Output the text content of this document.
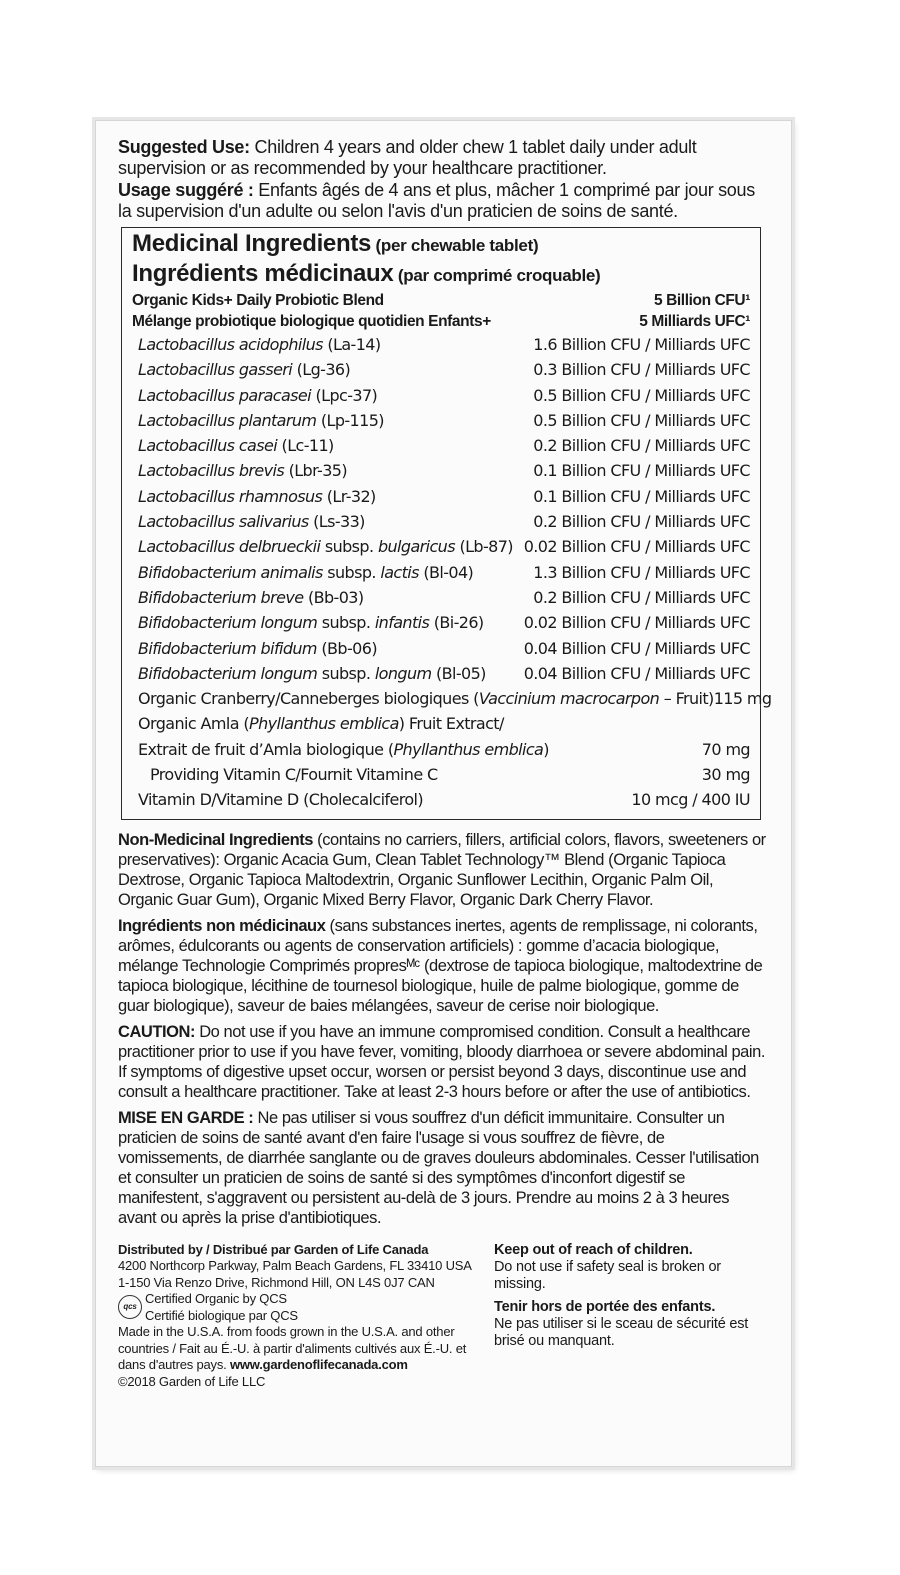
Suggested Use: Children 4 years and older chew 1 tablet daily under adult supervision or as recommended by your healthcare practitioner.

Usage suggéré : Enfants âgés de 4 ans et plus, mâcher 1 comprimé par jour sous la supervision d'un adulte ou selon l'avis d'un praticien de soins de santé.

Medicinal Ingredients (per chewable tablet)
Ingrédients médicinaux (par comprimé croquable)
Organic Kids+ Daily Probiotic Blend	5 Billion CFU¹
Mélange probiotique biologique quotidien Enfants+	5 Milliards UFC¹
Lactobacillus acidophilus (La-14)	1.6 Billion CFU / Milliards UFC
Lactobacillus gasseri (Lg-36)	0.3 Billion CFU / Milliards UFC
Lactobacillus paracasei (Lpc-37)	0.5 Billion CFU / Milliards UFC
Lactobacillus plantarum (Lp-115)	0.5 Billion CFU / Milliards UFC
Lactobacillus casei (Lc-11)	0.2 Billion CFU / Milliards UFC
Lactobacillus brevis (Lbr-35)	0.1 Billion CFU / Milliards UFC
Lactobacillus rhamnosus (Lr-32)	0.1 Billion CFU / Milliards UFC
Lactobacillus salivarius (Ls-33)	0.2 Billion CFU / Milliards UFC
Lactobacillus delbrueckii subsp. bulgaricus (Lb-87) 0.02 Billion CFU / Milliards UFC
Bifidobacterium animalis subsp. lactis (Bl-04)	1.3 Billion CFU / Milliards UFC
Bifidobacterium breve (Bb-03)	0.2 Billion CFU / Milliards UFC
Bifidobacterium longum subsp. infantis (Bi-26)	0.02 Billion CFU / Milliards UFC
Bifidobacterium bifidum (Bb-06)	0.04 Billion CFU / Milliards UFC
Bifidobacterium longum subsp. longum (Bl-05) 0.04 Billion CFU / Milliards UFC
Organic Cranberry/Canneberges biologiques (Vaccinium macrocarpon – Fruit) 115 mg
Organic Amla (Phyllanthus emblica) Fruit Extract/
Extrait de fruit d’Amla biologique (Phyllanthus emblica)	70 mg
Providing Vitamin C/Fournit Vitamine C	30 mg
Vitamin D/Vitamine D (Cholecalciferol)	10 mcg / 400 IU

Non-Medicinal Ingredients (contains no carriers, fillers, artificial colors, flavors, sweeteners or preservatives): Organic Acacia Gum, Clean Tablet Technology™ Blend (Organic Tapioca Dextrose, Organic Tapioca Maltodextrin, Organic Sunflower Lecithin, Organic Palm Oil, Organic Guar Gum), Organic Mixed Berry Flavor, Organic Dark Cherry Flavor.

Ingrédients non médicinaux (sans substances inertes, agents de remplissage, ni colorants, arômes, édulcorants ou agents de conservation artificiels) : gomme d’acacia biologique, mélange Technologie Comprimés propresᴹᶜ (dextrose de tapioca biologique, maltodextrine de tapioca biologique, lécithine de tournesol biologique, huile de palme biologique, gomme de guar biologique), saveur de baies mélangées, saveur de cerise noir biologique.

CAUTION: Do not use if you have an immune compromised condition. Consult a healthcare practitioner prior to use if you have fever, vomiting, bloody diarrhoea or severe abdominal pain. If symptoms of digestive upset occur, worsen or persist beyond 3 days, discontinue use and consult a healthcare practitioner. Take at least 2-3 hours before or after the use of antibiotics.

MISE EN GARDE : Ne pas utiliser si vous souffrez d'un déficit immunitaire. Consulter un praticien de soins de santé avant d'en faire l'usage si vous souffrez de fièvre, de vomissements, de diarrhée sanglante ou de graves douleurs abdominales. Cesser l'utilisation et consulter un praticien de soins de santé si des symptômes d'inconfort digestif se manifestent, s'aggravent ou persistent au-delà de 3 jours. Prendre au moins 2 à 3 heures avant ou après la prise d'antibiotiques.

Distributed by / Distribué par Garden of Life Canada
4200 Northcorp Parkway, Palm Beach Gardens, FL 33410 USA
1-150 Via Renzo Drive, Richmond Hill, ON L4S 0J7 CAN
qcs
Certified Organic by QCS
Certifié biologique par QCS
Made in the U.S.A. from foods grown in the U.S.A. and other countries / Fait au É.-U. à partir d'aliments cultivés aux É.-U. et dans d'autres pays. www.gardenoflifecanada.com
©2018 Garden of Life LLC
Keep out of reach of children.
Do not use if safety seal is broken or missing.
Tenir hors de portée des enfants.
Ne pas utiliser si le sceau de sécurité est brisé ou manquant.
